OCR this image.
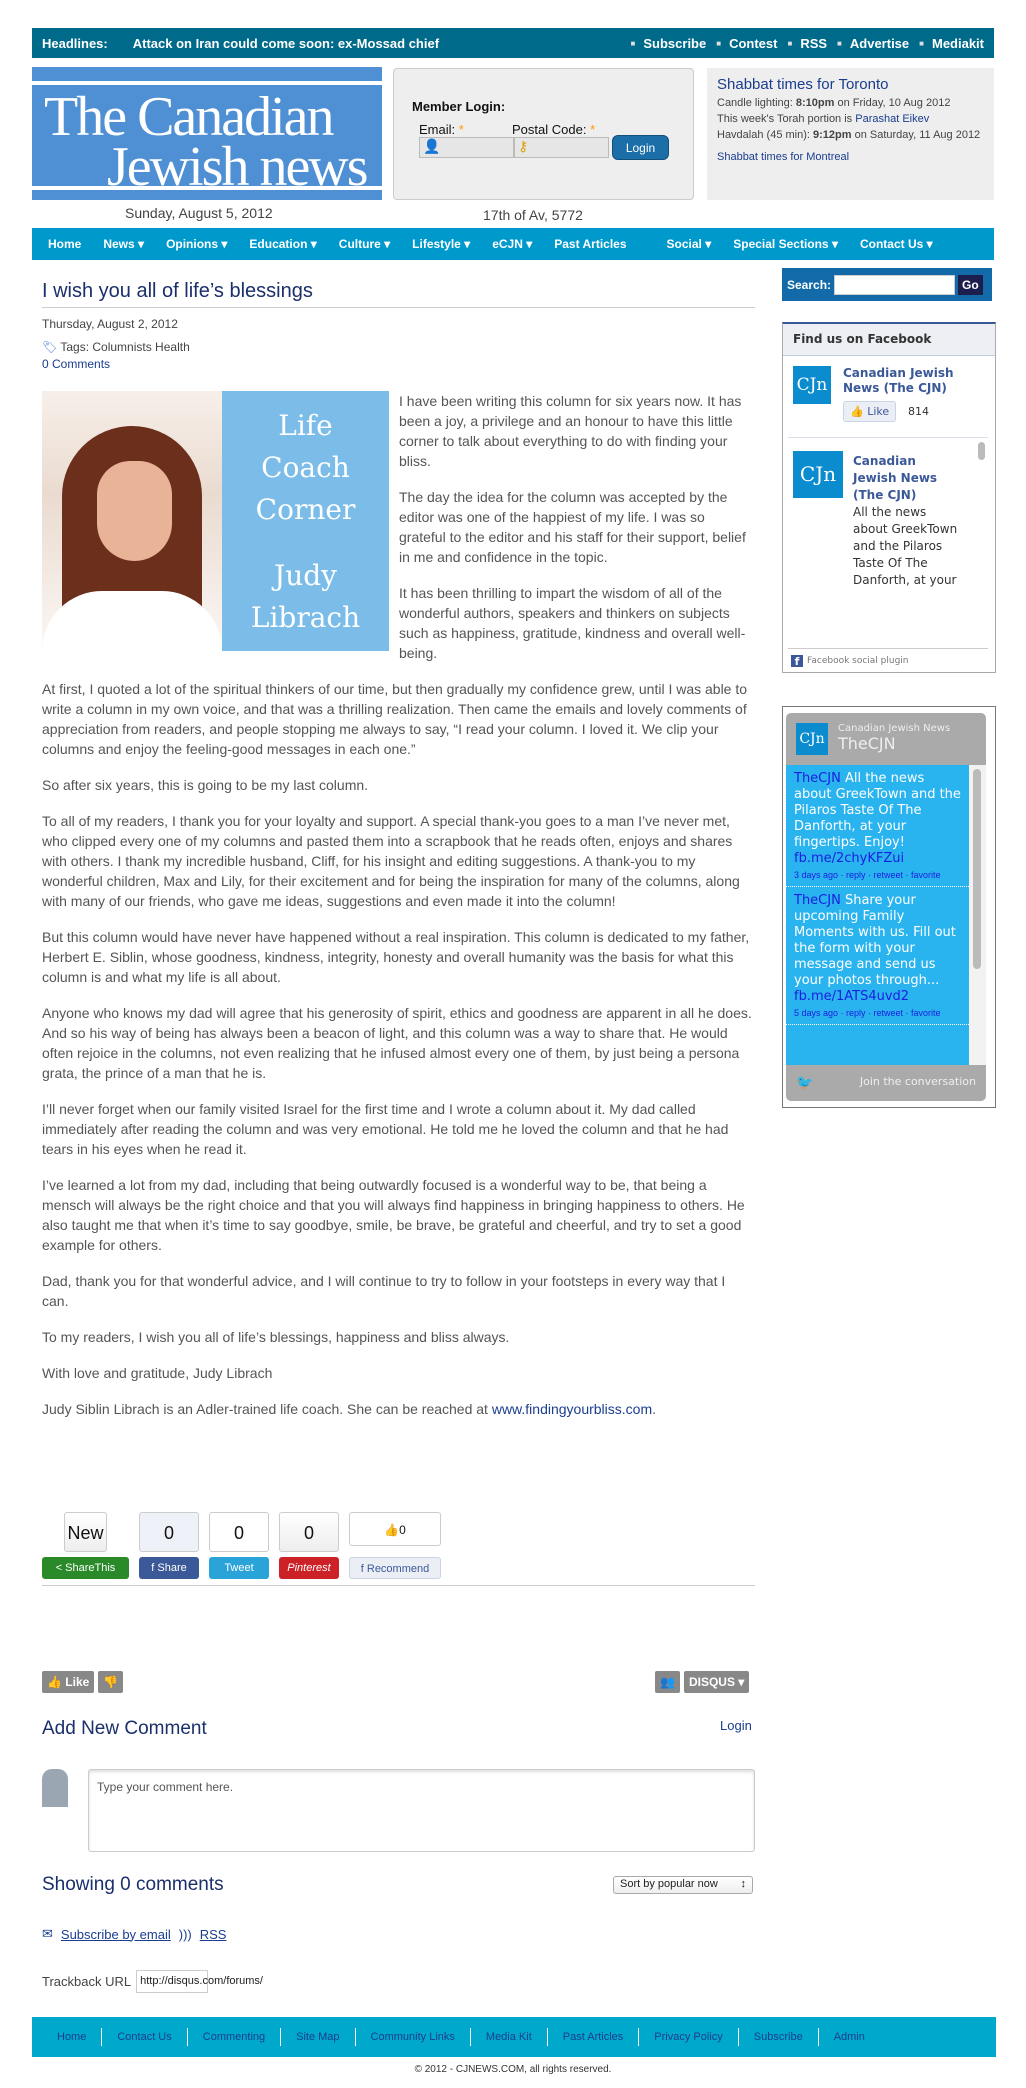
Headlines: Attack on Iran could come soon: ex-Mossad chief	■ Subscribe	■ Contest	■ RSS	■ Advertise	■ Mediakit
The Canadian
Jewish news
Member Login:
Email: *	Postal Code: *
👤	⚷	Login
Shabbat times for Toronto
Candle lighting: 8:10pm on Friday, 10 Aug 2012
This week's Torah portion is Parashat Eikev
Havdalah (45 min): 9:12pm on Saturday, 11 Aug 2012
Shabbat times for Montreal
Sunday, August 5, 2012	17th of Av, 5772
Home News ▾	Opinions ▾	Education ▾	Culture ▾	Lifestyle ▾	eCJN ▾	Past Articles	Social ▾	Special Sections ▾	Contact Us ▾
I wish you all of life’s blessings
Thursday, August 2, 2012
🏷 Tags: Columnists Health
0 Comments
Life
Coach
Corner
Judy
Librach

I have been writing this column for six years now. It has been a joy, a privilege and an honour to have this little corner to talk about everything to do with finding your bliss.

The day the idea for the column was accepted by the editor was one of the happiest of my life. I was so grateful to the editor and his staff for their support, belief in me and confidence in the topic.

It has been thrilling to impart the wisdom of all of the wonderful authors, speakers and thinkers on subjects such as happiness, gratitude, kindness and overall well-being.

At first, I quoted a lot of the spiritual thinkers of our time, but then gradually my confidence grew, until I was able to write a column in my own voice, and that was a thrilling realization. Then came the emails and lovely comments of appreciation from readers, and people stopping me always to say, “I read your column. I loved it. We clip your columns and enjoy the feeling-good messages in each one.”

So after six years, this is going to be my last column.

To all of my readers, I thank you for your loyalty and support. A special thank-you goes to a man I’ve never met, who clipped every one of my columns and pasted them into a scrapbook that he reads often, enjoys and shares with others. I thank my incredible husband, Cliff, for his insight and editing suggestions. A thank-you to my wonderful children, Max and Lily, for their excitement and for being the inspiration for many of the columns, along with many of our friends, who gave me ideas, suggestions and even made it into the column!

But this column would have never have happened without a real inspiration. This column is dedicated to my father, Herbert E. Siblin, whose goodness, kindness, integrity, honesty and overall humanity was the basis for what this column is and what my life is all about.

Anyone who knows my dad will agree that his generosity of spirit, ethics and goodness are apparent in all he does. And so his way of being has always been a beacon of light, and this column was a way to share that. He would often rejoice in the columns, not even realizing that he infused almost every one of them, by just being a persona grata, the prince of a man that he is.

I’ll never forget when our family visited Israel for the first time and I wrote a column about it. My dad called immediately after reading the column and was very emotional. He told me he loved the column and that he had tears in his eyes when he read it.

I’ve learned a lot from my dad, including that being outwardly focused is a wonderful way to be, that being a mensch will always be the right choice and that you will always find happiness in bringing happiness to others. He also taught me that when it’s time to say goodbye, smile, be brave, be grateful and cheerful, and try to set a good example for others.

Dad, thank you for that wonderful advice, and I will continue to try to follow in your footsteps in every way that I can.

To my readers, I wish you all of life’s blessings, happiness and bliss always.

With love and gratitude, Judy Librach

Judy Siblin Librach is an Adler-trained life coach. She can be reached at www.findingyourbliss.com.

Search:	Go
Find us on Facebook
CJn
Canadian Jewish News (The CJN)
👍 Like	814
CJn
Canadian Jewish News (The CJN)
All the news about GreekTown and the Pilaros Taste Of The Danforth, at your
f Facebook social plugin
CJn
Canadian Jewish News
TheCJN
TheCJN All the news about GreekTown and the Pilaros Taste Of The Danforth, at your fingertips. Enjoy! fb.me/2chyKFZui
3 days ago · reply · retweet · favorite
TheCJN Share your upcoming Family Moments with us. Fill out the form with your message and send us your photos through... fb.me/1ATS4uvd2
5 days ago · reply · retweet · favorite
🐦	Join the conversation
New
< ShareThis
0
f Share
0
Tweet
0
Pinterest
👍0
f Recommend
👍 Like	👎	👥	DISQUS ▾
Add New Comment	Login
Type your comment here.
Showing 0 comments	Sort by popular now ↕
✉ Subscribe by email ))) RSS
Trackback URL http://disqus.com/forums/
Home	Contact Us	Commenting	Site Map	Community Links	Media Kit	Past Articles	Privacy Policy	Subscribe	Admin
© 2012 - CJNEWS.COM, all rights reserved.
